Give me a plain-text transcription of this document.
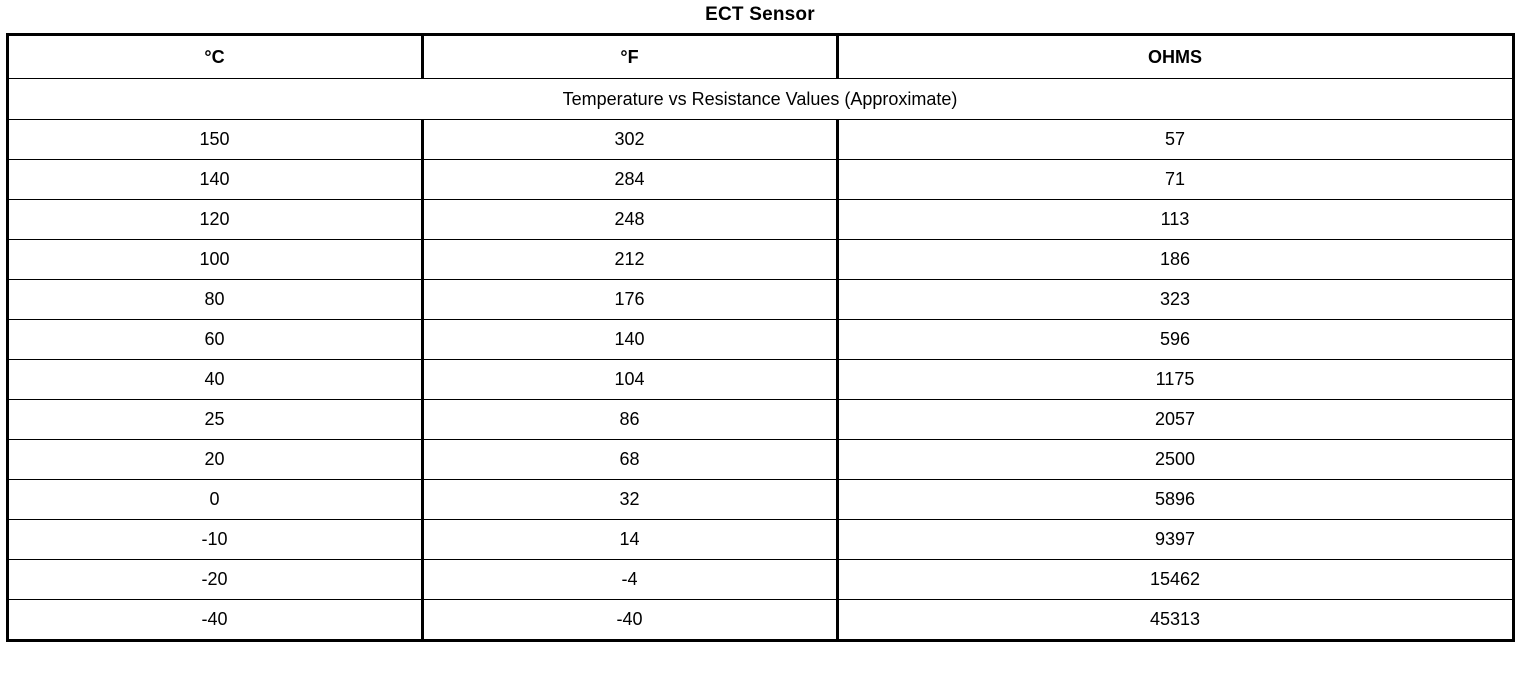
ECT Sensor
°C	°F	OHMS
Temperature vs Resistance Values (Approximate)		
150	302	57
140	284	71
120	248	113
100	212	186
80	176	323
60	140	596
40	104	1175
25	86	2057
20	68	2500
0	32	5896
-10	14	9397
-20	-4	15462
-40	-40	45313
